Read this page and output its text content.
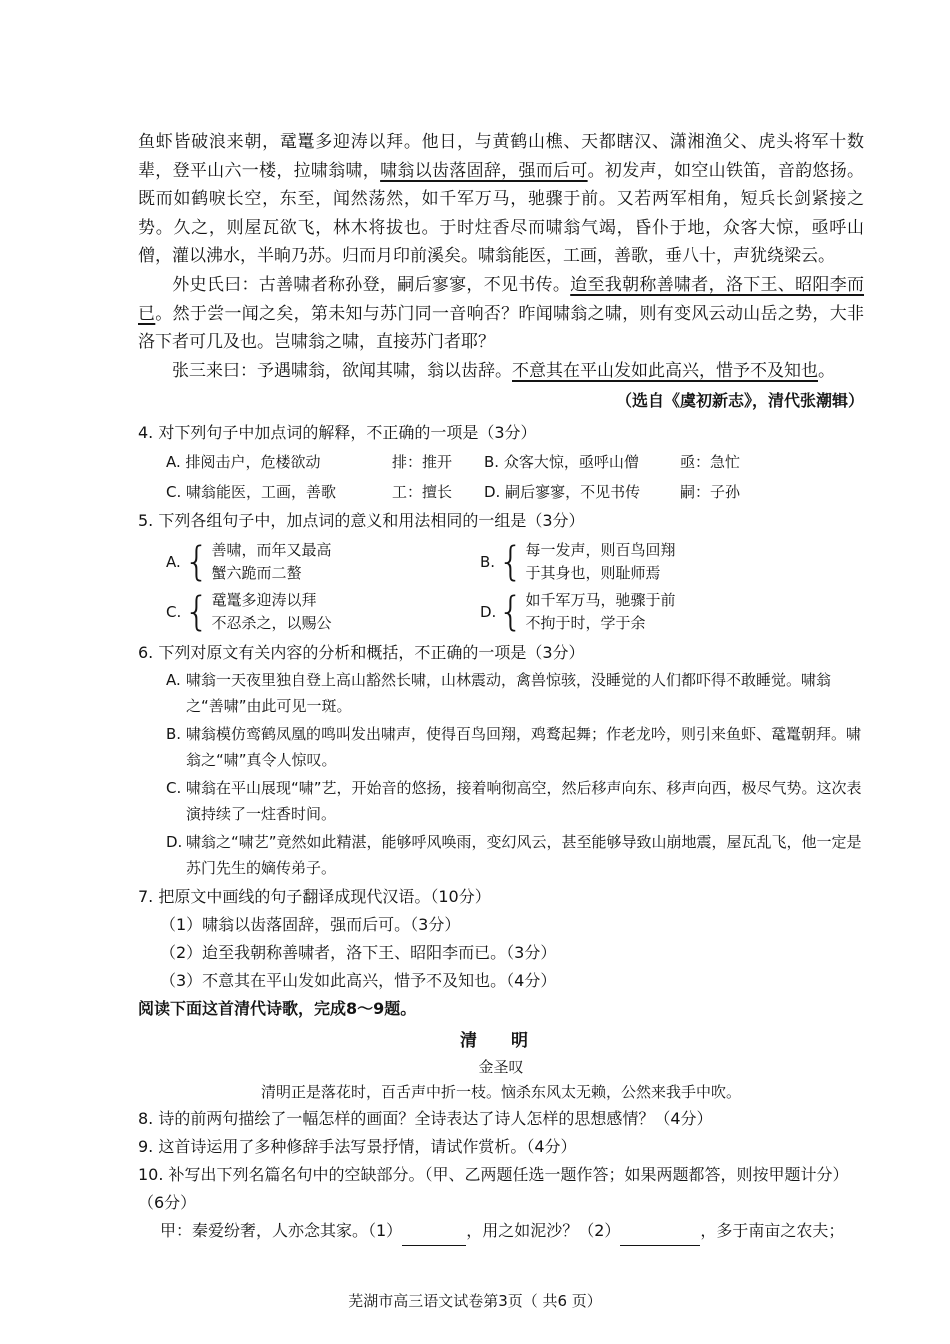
鱼虾皆破浪来朝，鼋鼍多迎涛以拜。他日，与黄鹤山樵、天都瞎汉、潇湘渔父、虎头将军十数辈，登平山六一楼，拉啸翁啸，啸翁以齿落固辞，强而后可。初发声，如空山铁笛，音韵悠扬。既而如鹤唳长空，东至，闻然荡然，如千军万马，驰骤于前。又若两军相角，短兵长剑紧接之势。久之，则屋瓦欲飞，林木将拔也。于时炷香尽而啸翁气竭，昏仆于地，众客大惊，亟呼山僧，灌以沸水，半晌乃苏。归而月印前溪矣。啸翁能医，工画，善歌，垂八十，声犹绕梁云。

外史氏曰：古善啸者称孙登，嗣后寥寥，不见书传。迨至我朝称善啸者，洛下王、昭阳李而已。然于尝一闻之矣，第未知与苏门同一音响否？昨闻啸翁之啸，则有变风云动山岳之势，大非洛下者可几及也。岂啸翁之啸，直接苏门者耶？

张三来曰：予遇啸翁，欲闻其啸，翁以齿辞。不意其在平山发如此高兴，惜予不及知也。

（选自《虞初新志》，清代张潮辑）

4. 对下列句子中加点词的解释，不正确的一项是（3分）

A. 排阅击户，危楼欲动	排：推开	B. 众客大惊，亟呼山僧	亟：急忙
C. 啸翁能医，工画，善歌	工：擅长	D. 嗣后寥寥，不见书传	嗣：子孙

5. 下列各组句子中，加点词的意义和用法相同的一组是（3分）

A. { 善啸，而年又最高
蟹六跪而二螯
B. { 每一发声，则百鸟回翔
于其身也，则耻师焉
C. { 鼋鼍多迎涛以拜
不忍杀之，以赐公
D. { 如千军万马，驰骤于前
不拘于时，学于余

6. 下列对原文有关内容的分析和概括，不正确的一项是（3分）

A. 啸翁一天夜里独自登上高山豁然长啸，山林震动，禽兽惊骇，没睡觉的人们都吓得不敢睡觉。啸翁之“善啸”由此可见一斑。
B. 啸翁模仿鸾鹤凤凰的鸣叫发出啸声，使得百鸟回翔，鸡鹜起舞；作老龙吟，则引来鱼虾、鼋鼍朝拜。啸翁之“啸”真令人惊叹。
C. 啸翁在平山展现“啸”艺，开始音的悠扬，接着响彻高空，然后移声向东、移声向西，极尽气势。这次表演持续了一炷香时间。
D. 啸翁之“啸艺”竟然如此精湛，能够呼风唤雨，变幻风云，甚至能够导致山崩地震，屋瓦乱飞，他一定是苏门先生的嫡传弟子。

7. 把原文中画线的句子翻译成现代汉语。（10分）

（1）啸翁以齿落固辞，强而后可。（3分）

（2）迨至我朝称善啸者，洛下王、昭阳李而已。（3分）

（3）不意其在平山发如此高兴，惜予不及知也。（4分）

阅读下面这首清代诗歌，完成8～9题。

清 明
金圣叹
清明正是落花时，百舌声中折一枝。恼杀东风太无赖，公然来我手中吹。

8. 诗的前两句描绘了一幅怎样的画面？全诗表达了诗人怎样的思想感情？（4分）

9. 这首诗运用了多种修辞手法写景抒情，请试作赏析。（4分）

10. 补写出下列名篇名句中的空缺部分。（甲、乙两题任选一题作答；如果两题都答，则按甲题计分）（6分）

甲：秦爱纷奢，人亦念其家。（1）	，用之如泥沙？（2）	，多于南亩之农夫；

芜湖市高三语文试卷第3页（ 共6 页）
